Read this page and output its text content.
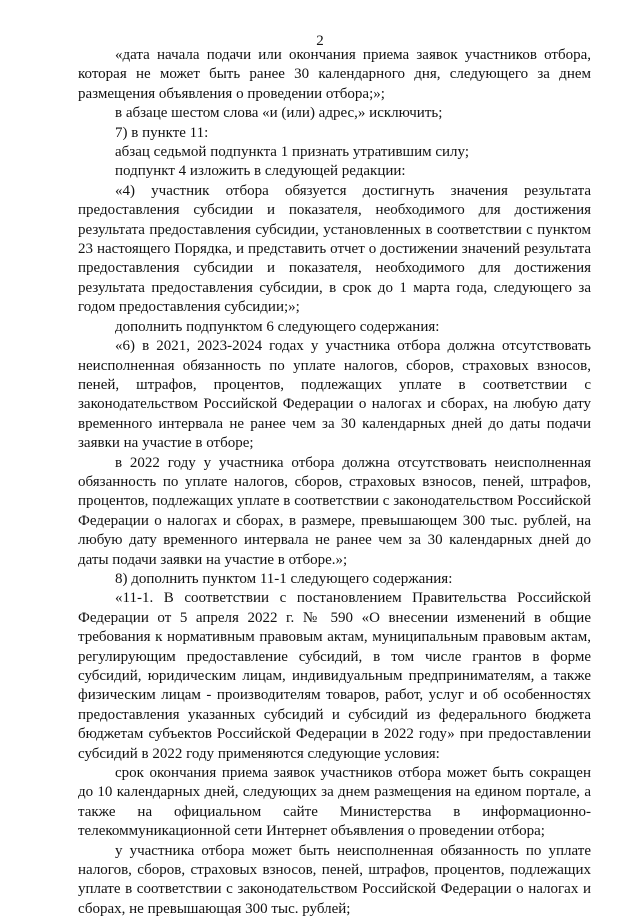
2

«дата начала подачи или окончания приема заявок участников отбора, которая не может быть ранее 30 календарного дня, следующего за днем размещения объявления о проведении отбора;»;

в абзаце шестом слова «и (или) адрес,» исключить;

7) в пункте 11:

абзац седьмой подпункта 1 признать утратившим силу;

подпункт 4 изложить в следующей редакции:

«4) участник отбора обязуется достигнуть значения результата предоставления субсидии и показателя, необходимого для достижения результата предоставления субсидии, установленных в соответствии с пунктом 23 настоящего Порядка, и представить отчет о достижении значений результата предоставления субсидии и показателя, необходимого для достижения результата предоставления субсидии, в срок до 1 марта года, следующего за годом предоставления субсидии;»;

дополнить подпунктом 6 следующего содержания:

«6) в 2021, 2023-2024 годах у участника отбора должна отсутствовать неисполненная обязанность по уплате налогов, сборов, страховых взносов, пеней, штрафов, процентов, подлежащих уплате в соответствии с законодательством Российской Федерации о налогах и сборах, на любую дату временного интервала не ранее чем за 30 календарных дней до даты подачи заявки на участие в отборе;

в 2022 году у участника отбора должна отсутствовать неисполненная обязанность по уплате налогов, сборов, страховых взносов, пеней, штрафов, процентов, подлежащих уплате в соответствии с законодательством Российской Федерации о налогах и сборах, в размере, превышающем 300 тыс. рублей, на любую дату временного интервала не ранее чем за 30 календарных дней до даты подачи заявки на участие в отборе.»;

8) дополнить пунктом 11-1 следующего содержания:

«11-1. В соответствии с постановлением Правительства Российской Федерации от 5 апреля 2022 г. № 590 «О внесении изменений в общие требования к нормативным правовым актам, муниципальным правовым актам, регулирующим предоставление субсидий, в том числе грантов в форме субсидий, юридическим лицам, индивидуальным предпринимателям, а также физическим лицам - производителям товаров, работ, услуг и об особенностях предоставления указанных субсидий и субсидий из федерального бюджета бюджетам субъектов Российской Федерации в 2022 году» при предоставлении субсидий в 2022 году применяются следующие условия:

срок окончания приема заявок участников отбора может быть сокращен до 10 календарных дней, следующих за днем размещения на едином портале, а также на официальном сайте Министерства в информационно-телекоммуникационной сети Интернет объявления о проведении отбора;

у участника отбора может быть неисполненная обязанность по уплате налогов, сборов, страховых взносов, пеней, штрафов, процентов, подлежащих уплате в соответствии с законодательством Российской Федерации о налогах и сборах, не превышающая 300 тыс. рублей;
